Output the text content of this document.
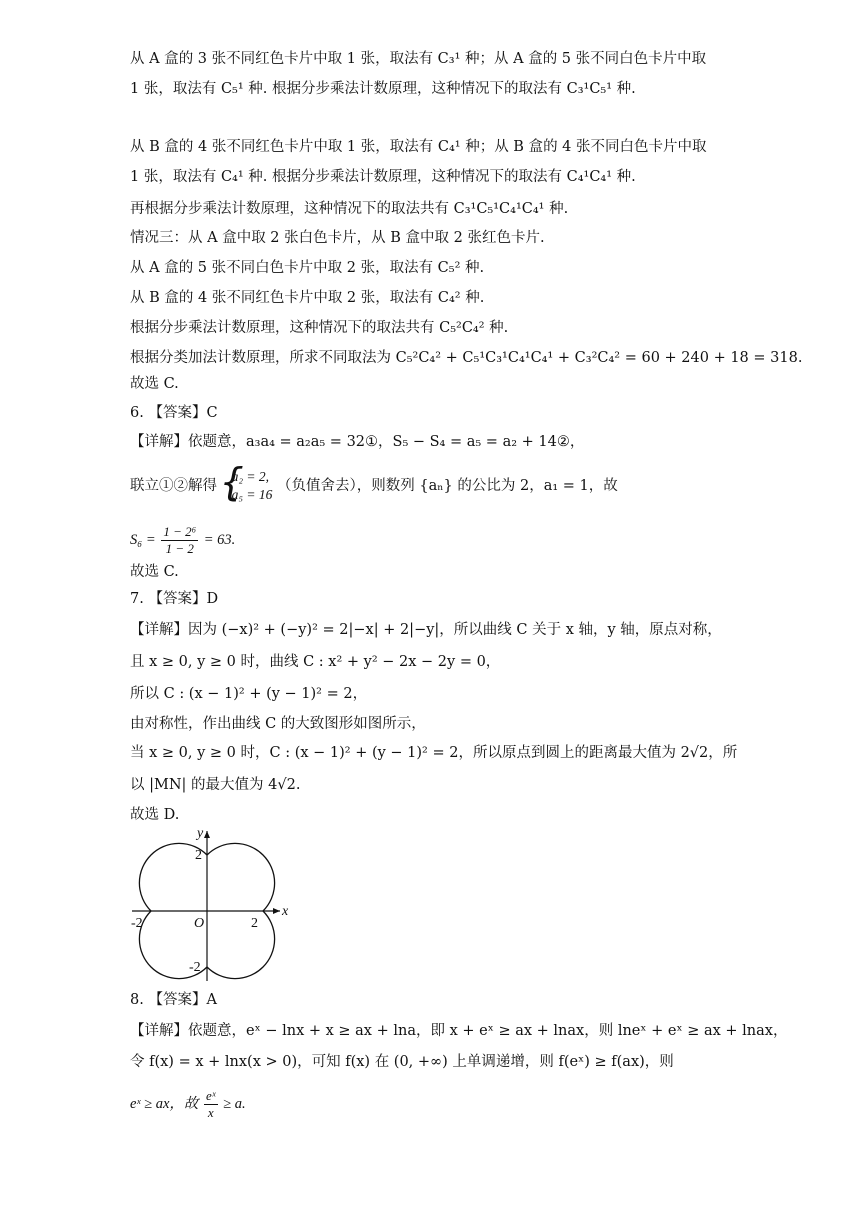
从 A 盒的 3 张不同红色卡片中取 1 张，取法有 C₃¹ 种；从 A 盒的 5 张不同白色卡片中取
1 张，取法有 C₅¹ 种. 根据分步乘法计数原理，这种情况下的取法有 C₃¹C₅¹ 种.
从 B 盒的 4 张不同红色卡片中取 1 张，取法有 C₄¹ 种；从 B 盒的 4 张不同白色卡片中取
1 张，取法有 C₄¹ 种. 根据分步乘法计数原理，这种情况下的取法有 C₄¹C₄¹ 种.
再根据分步乘法计数原理，这种情况下的取法共有 C₃¹C₅¹C₄¹C₄¹ 种.
情况三：从 A 盒中取 2 张白色卡片，从 B 盒中取 2 张红色卡片.
从 A 盒的 5 张不同白色卡片中取 2 张，取法有 C₅² 种.
从 B 盒的 4 张不同红色卡片中取 2 张，取法有 C₄² 种.
根据分步乘法计数原理，这种情况下的取法共有 C₅²C₄² 种.
根据分类加法计数原理，所求不同取法为 C₅²C₄² + C₅¹C₃¹C₄¹C₄¹ + C₃²C₄² = 60 + 240 + 18 = 318.
故选 C.
6. 【答案】C
【详解】依题意，a₃a₄ = a₂a₅ = 32①，S₅ − S₄ = a₅ = a₂ + 14②，
联立①②解得
{ a₂ = 2,
a₅ = 16
（负值舍去），则数列 {aₙ} 的公比为 2，a₁ = 1，故
$S_6 = \frac{\text{1 − 2⁶}}{1 - 2} = 63$.
故选 C.
7. 【答案】D
【详解】因为 (−x)² + (−y)² = 2|−x| + 2|−y|，所以曲线 C 关于 x 轴，y 轴，原点对称，
且 x ≥ 0, y ≥ 0 时，曲线 C : x² + y² − 2x − 2y = 0，
所以 C : (x − 1)² + (y − 1)² = 2，
由对称性，作出曲线 C 的大致图形如图所示，
当 x ≥ 0, y ≥ 0 时，C : (x − 1)² + (y − 1)² = 2，所以原点到圆上的距离最大值为 2√2，所
以 |MN| 的最大值为 4√2.
故选 D.
x
y
O	2
-2
2
-2
8. 【答案】A
【详解】依题意，eˣ − lnx + x ≥ ax + lna，即 x + eˣ ≥ ax + lnax，则 lneˣ + eˣ ≥ ax + lnax，
令 f(x) = x + lnx(x > 0)，可知 f(x) 在 (0, +∞) 上单调递增，则 f(eˣ) ≥ f(ax)，则
eˣ ≥ ax，故 $\frac{\text{eˣ}}{x} \ge a$.
